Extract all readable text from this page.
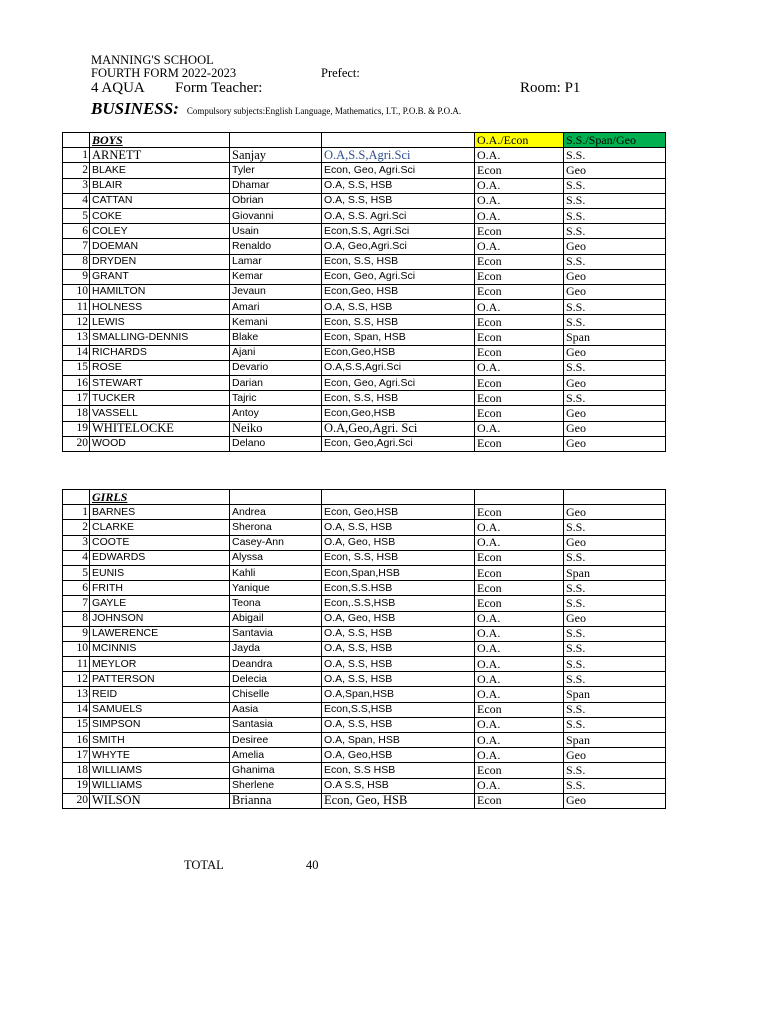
MANNING'S SCHOOL
FOURTH FORM 2022-2023	Prefect:
4 AQUA Form Teacher:	Room: P1
BUSINESS: Compulsory subjects:English Language, Mathematics, I.T., P.O.B. & P.O.A.
	BOYS			O.A./Econ	S.S./Span/Geo
1	ARNETT	Sanjay	O.A,S.S,Agri.Sci	O.A.	S.S.
2	BLAKE	Tyler	Econ, Geo, Agri.Sci	Econ	Geo
3	BLAIR	Dhamar	O.A, S.S, HSB	O.A.	S.S.
4	CATTAN	Obrian	O.A, S.S, HSB	O.A.	S.S.
5	COKE	Giovanni	O.A, S.S. Agri.Sci	O.A.	S.S.
6	COLEY	Usain	Econ,S.S, Agri.Sci	Econ	S.S.
7	DOEMAN	Renaldo	O.A, Geo,Agri.Sci	O.A.	Geo
8	DRYDEN	Lamar	Econ, S.S, HSB	Econ	S.S.
9	GRANT	Kemar	Econ, Geo, Agri.Sci	Econ	Geo
10	HAMILTON	Jevaun	Econ,Geo, HSB	Econ	Geo
11	HOLNESS	Amari	O.A, S.S, HSB	O.A.	S.S.
12	LEWIS	Kemani	Econ, S.S, HSB	Econ	S.S.
13	SMALLING-DENNIS	Blake	Econ, Span, HSB	Econ	Span
14	RICHARDS	Ajani	Econ,Geo,HSB	Econ	Geo
15	ROSE	Devario	O.A,S.S,Agri.Sci	O.A.	S.S.
16	STEWART	Darian	Econ, Geo, Agri.Sci	Econ	Geo
17	TUCKER	Tajric	Econ, S.S, HSB	Econ	S.S.
18	VASSELL	Antoy	Econ,Geo,HSB	Econ	Geo
19	WHITELOCKE	Neiko	O.A,Geo,Agri. Sci	O.A.	Geo
20	WOOD	Delano	Econ, Geo,Agri.Sci	Econ	Geo
	GIRLS				
1	BARNES	Andrea	Econ, Geo,HSB	Econ	Geo
2	CLARKE	Sherona	O.A, S.S, HSB	O.A.	S.S.
3	COOTE	Casey-Ann	O.A, Geo, HSB	O.A.	Geo
4	EDWARDS	Alyssa	Econ, S.S, HSB	Econ	S.S.
5	EUNIS	Kahli	Econ,Span,HSB	Econ	Span
6	FRITH	Yanique	Econ,S.S.HSB	Econ	S.S.
7	GAYLE	Teona	Econ,.S.S,HSB	Econ	S.S.
8	JOHNSON	Abigail	O.A, Geo, HSB	O.A.	Geo
9	LAWERENCE	Santavia	O.A, S.S, HSB	O.A.	S.S.
10	MCINNIS	Jayda	O.A, S.S, HSB	O.A.	S.S.
11	MEYLOR	Deandra	O.A, S.S, HSB	O.A.	S.S.
12	PATTERSON	Delecia	O.A, S.S, HSB	O.A.	S.S.
13	REID	Chiselle	O.A,Span,HSB	O.A.	Span
14	SAMUELS	Aasia	Econ,S.S,HSB	Econ	S.S.
15	SIMPSON	Santasia	O.A, S.S, HSB	O.A.	S.S.
16	SMITH	Desiree	O.A, Span, HSB	O.A.	Span
17	WHYTE	Amelia	O.A, Geo,HSB	O.A.	Geo
18	WILLIAMS	Ghanima	Econ, S.S HSB	Econ	S.S.
19	WILLIAMS	Sherlene	O.A S.S, HSB	O.A.	S.S.
20	WILSON	Brianna	Econ, Geo, HSB	Econ	Geo
TOTAL	40
